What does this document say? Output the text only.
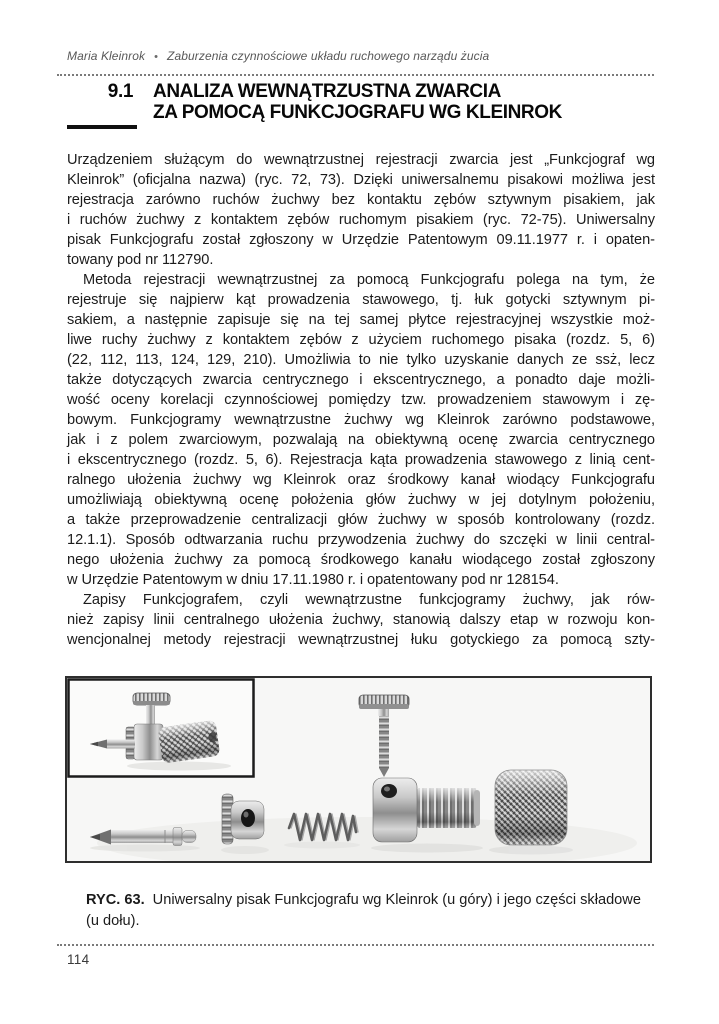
Maria Kleinrok • Zaburzenia czynnościowe układu ruchowego narządu żucia
9.1 ANALIZA WEWNĄTRZUSTNA ZWARCIA
ZA POMOCĄ FUNKCJOGRAFU WG KLEINROK
Urządzeniem służącym do wewnątrzustnej rejestracji zwarcia jest „Funkcjograf wg
Kleinrok” (oficjalna nazwa) (ryc. 72, 73). Dzięki uniwersalnemu pisakowi możliwa jest
rejestracja zarówno ruchów żuchwy bez kontaktu zębów sztywnym pisakiem, jak
i ruchów żuchwy z kontaktem zębów ruchomym pisakiem (ryc. 72-75). Uniwersalny
pisak Funkcjografu został zgłoszony w Urzędzie Patentowym 09.11.1977 r. i opaten-
towany pod nr 112790.
Metoda rejestracji wewnątrzustnej za pomocą Funkcjografu polega na tym, że
rejestruje się najpierw kąt prowadzenia stawowego, tj. łuk gotycki sztywnym pi-
sakiem, a następnie zapisuje się na tej samej płytce rejestracyjnej wszystkie moż-
liwe ruchy żuchwy z kontaktem zębów z użyciem ruchomego pisaka (rozdz. 5, 6)
(22, 112, 113, 124, 129, 210). Umożliwia to nie tylko uzyskanie danych ze ssż, lecz
także dotyczących zwarcia centrycznego i ekscentrycznego, a ponadto daje możli-
wość oceny korelacji czynnościowej pomiędzy tzw. prowadzeniem stawowym i zę-
bowym. Funkcjogramy wewnątrzustne żuchwy wg Kleinrok zarówno podstawowe,
jak i z polem zwarciowym, pozwalają na obiektywną ocenę zwarcia centrycznego
i ekscentrycznego (rozdz. 5, 6). Rejestracja kąta prowadzenia stawowego z linią cent-
ralnego ułożenia żuchwy wg Kleinrok oraz środkowy kanał wiodący Funkcjografu
umożliwiają obiektywną ocenę położenia głów żuchwy w jej dotylnym położeniu,
a także przeprowadzenie centralizacji głów żuchwy w sposób kontrolowany (rozdz.
12.1.1). Sposób odtwarzania ruchu przywodzenia żuchwy do szczęki w linii central-
nego ułożenia żuchwy za pomocą środkowego kanału wiodącego został zgłoszony
w Urzędzie Patentowym w dniu 17.11.1980 r. i opatentowany pod nr 128154.
Zapisy Funkcjografem, czyli wewnątrzustne funkcjogramy żuchwy, jak rów-
nież zapisy linii centralnego ułożenia żuchwy, stanowią dalszy etap w rozwoju kon-
wencjonalnej metody rejestracji wewnątrzustnej łuku gotyckiego za pomocą szty-
RYC. 63. Uniwersalny pisak Funkcjografu wg Kleinrok (u góry) i jego części składowe
(u dołu).
114
